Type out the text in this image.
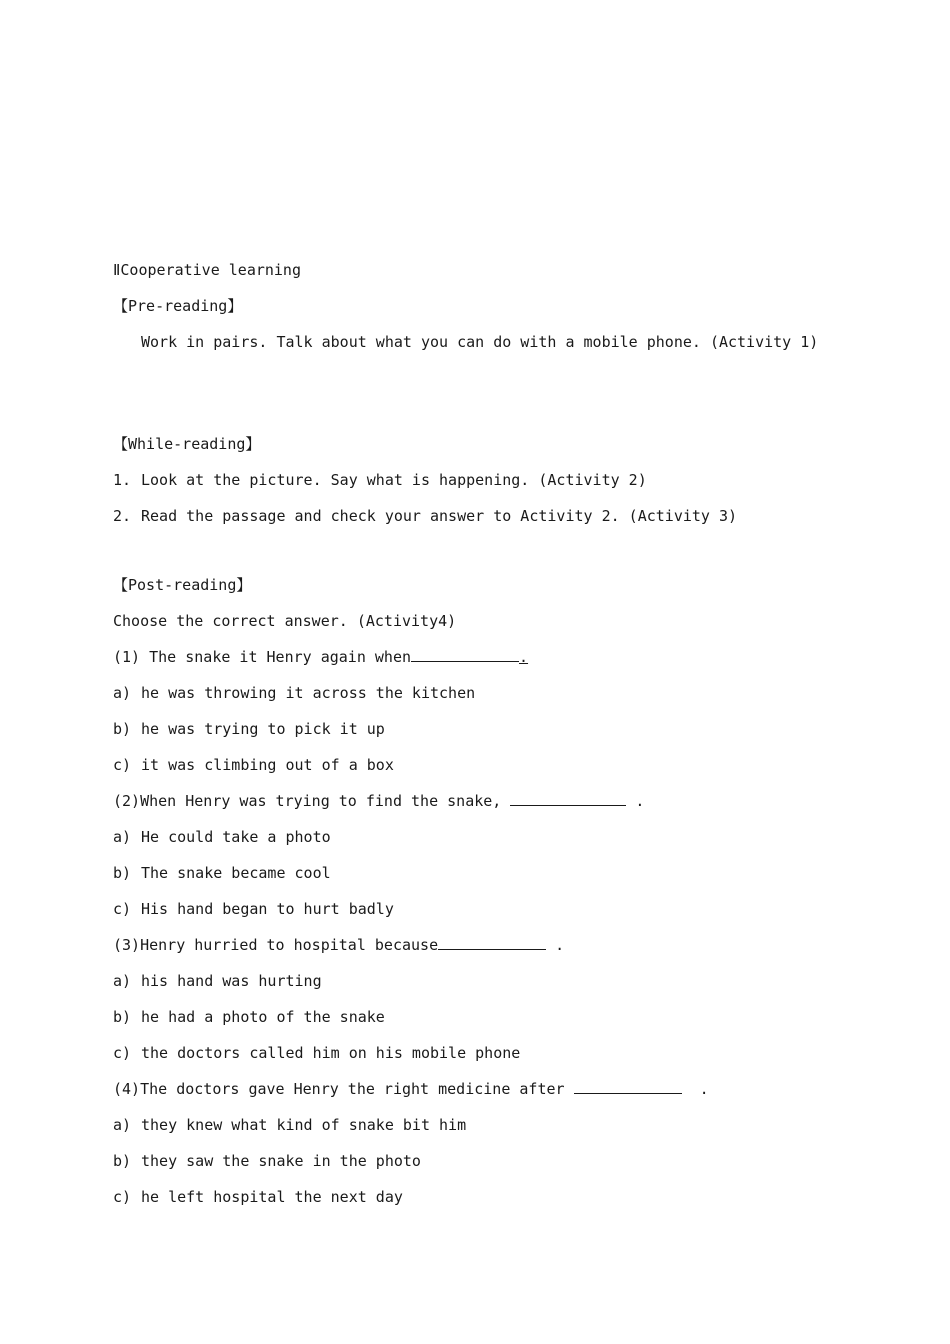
ⅡCooperative learning
【Pre-reading】
Work in pairs. Talk about what you can do with a mobile phone. (Activity 1)
【While-reading】
1. Look at the picture. Say what is happening. (Activity 2)
2. Read the passage and check your answer to Activity 2. (Activity 3)
【Post-reading】
Choose the correct answer. (Activity4)
(1) The snake it Henry again when	.
a) he was throwing it across the kitchen
b) he was trying to pick it up
c) it was climbing out of a box
(2)When Henry was trying to find the snake,	.
a) He could take a photo
b) The snake became cool
c) His hand began to hurt badly
(3)Henry hurried to hospital because	.
a) his hand was hurting
b) he had a photo of the snake
c) the doctors called him on his mobile phone
(4)The doctors gave Henry the right medicine after	.
a) they knew what kind of snake bit him
b) they saw the snake in the photo
c) he left hospital the next day
